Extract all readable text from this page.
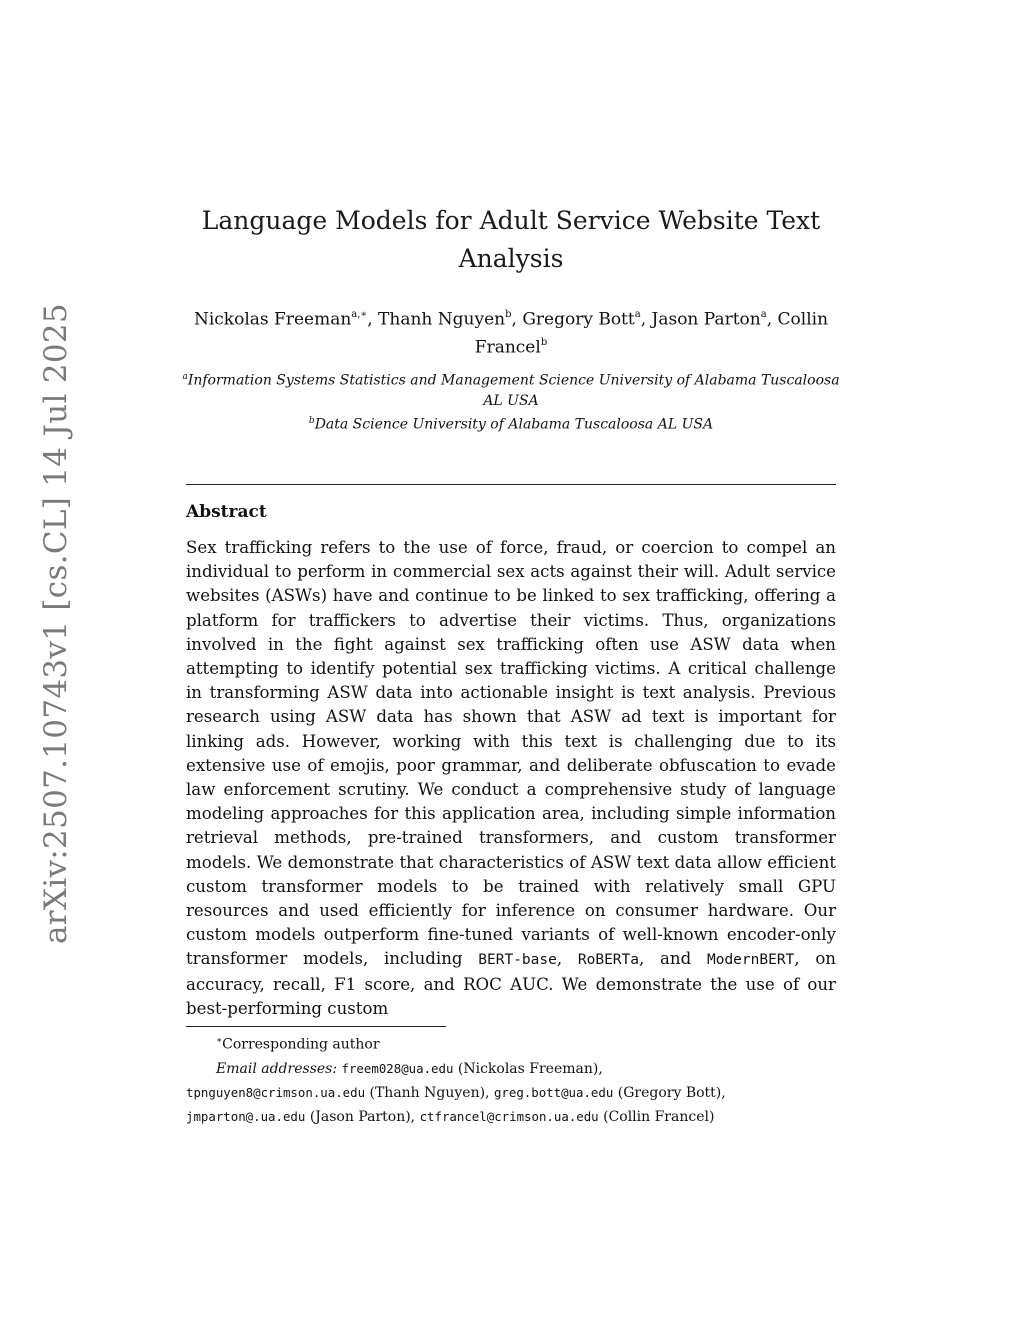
arXiv:2507.10743v1 [cs.CL] 14 Jul 2025
Language Models for Adult Service Website Text Analysis
Nickolas Freeman$^{a,∗}$, Thanh Nguyen$^b$, Gregory Bott$^a$, Jason Parton$^a$, Collin Francel$^b$
$^a$Information Systems Statistics and Management Science University of Alabama Tuscaloosa AL USA
$^b$Data Science University of Alabama Tuscaloosa AL USA
Abstract
Sex trafficking refers to the use of force, fraud, or coercion to compel an individual to perform in commercial sex acts against their will. Adult service websites (ASWs) have and continue to be linked to sex trafficking, offering a platform for traffickers to advertise their victims. Thus, organizations involved in the fight against sex trafficking often use ASW data when attempting to identify potential sex trafficking victims. A critical challenge in transforming ASW data into actionable insight is text analysis. Previous research using ASW data has shown that ASW ad text is important for linking ads. However, working with this text is challenging due to its extensive use of emojis, poor grammar, and deliberate obfuscation to evade law enforcement scrutiny. We conduct a comprehensive study of language modeling approaches for this application area, including simple information retrieval methods, pre-trained transformers, and custom transformer models. We demonstrate that characteristics of ASW text data allow efficient custom transformer models to be trained with relatively small GPU resources and used efficiently for inference on consumer hardware. Our custom models outperform fine-tuned variants of well-known encoder-only transformer models, including BERT-base, RoBERTa, and ModernBERT, on accuracy, recall, F1 score, and ROC AUC. We demonstrate the use of our best-performing custom
∗Corresponding author
Email addresses: freem028@ua.edu (Nickolas Freeman),
tpnguyen8@crimson.ua.edu (Thanh Nguyen), greg.bott@ua.edu (Gregory Bott),
jmparton@.ua.edu (Jason Parton), ctfrancel@crimson.ua.edu (Collin Francel)
